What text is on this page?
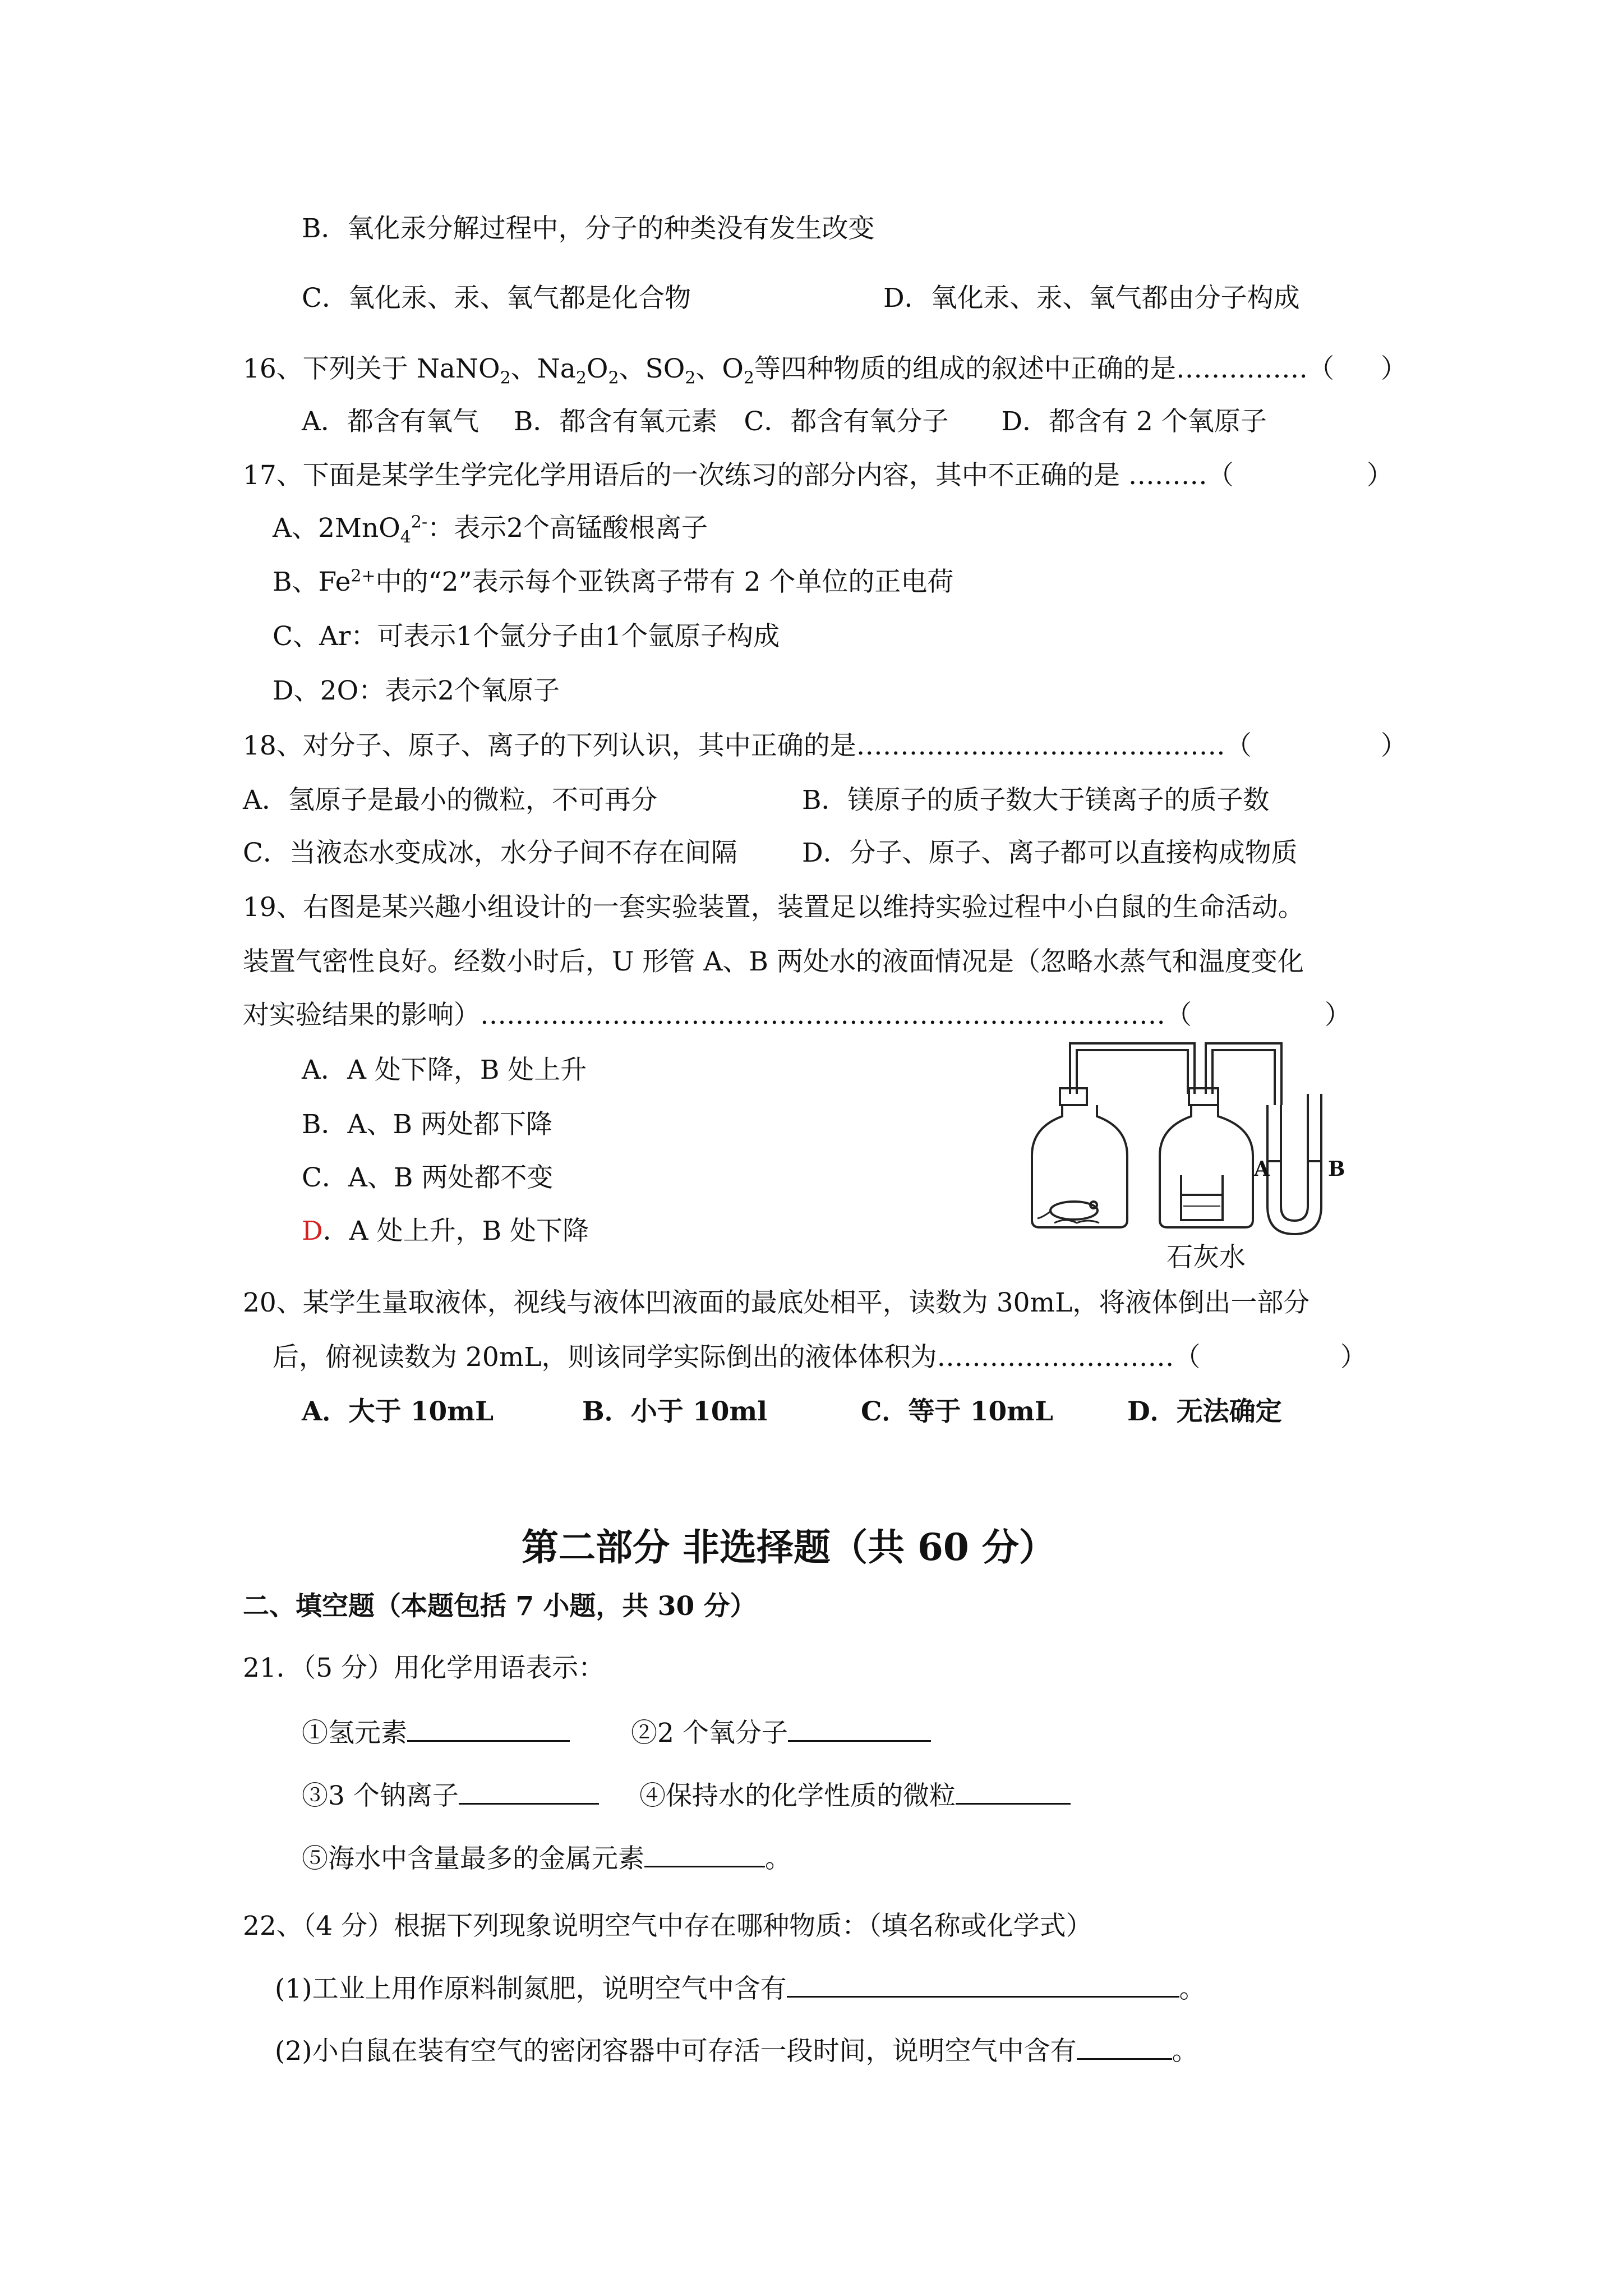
B．氧化汞分解过程中，分子的种类没有发生改变
C．氧化汞、汞、氧气都是化合物	D．氧化汞、汞、氧气都由分子构成
16、下列关于 NaNO$_2$、$Na_2O_2$、$SO_2$、$O_2$等四种物质的组成的叙述中正确的是……………（ ）
A．都含有氧气　 B．都含有氧元素　C．都含有氧分子　　D．都含有 2 个氧原子
17、下面是某学生学完化学用语后的一次练习的部分内容，其中不正确的是 ………（	）
A、2MnO$_4^{2-}$：表示2个高锰酸根离子
B、$Fe^{2+}$中的“2”表示每个亚铁离子带有 2 个单位的正电荷
C、Ar：可表示1个氩分子由1个氩原子构成
D、2O：表示2个氧原子
18、对分子、原子、离子的下列认识，其中正确的是……………………………………（	）
A．氢原子是最小的微粒，不可再分	B．镁原子的质子数大于镁离子的质子数
C．当液态水变成冰，水分子间不存在间隔 D．分子、原子、离子都可以直接构成物质
19、右图是某兴趣小组设计的一套实验装置，装置足以维持实验过程中小白鼠的生命活动。
装置气密性良好。经数小时后，U 形管 A、B 两处水的液面情况是（忽略水蒸气和温度变化
对实验结果的影响）……………………………………………………………………（	）
A．A 处下降，B 处上升
B．A、B 两处都下降
C．A、B 两处都不变
D．A 处上升，B 处下降
A	B
石灰水
20、某学生量取液体，视线与液体凹液面的最底处相平，读数为 30mL，将液体倒出一部分
后，俯视读数为 20mL，则该同学实际倒出的液体体积为………………………（	）
A．大于 10mL	B．小于 10ml	C．等于 10mL	D．无法确定
第二部分 非选择题（共 60 分）
二、填空题（本题包括 7 小题，共 30 分）
21．（5 分）用化学用语表示：
①氢元素	②2 个氧分子
③3 个钠离子	④保持水的化学性质的微粒
⑤海水中含量最多的金属元素	。
22、（4 分）根据下列现象说明空气中存在哪种物质：（填名称或化学式）
(1)工业上用作原料制氮肥，说明空气中含有	。
(2)小白鼠在装有空气的密闭容器中可存活一段时间，说明空气中含有	。
